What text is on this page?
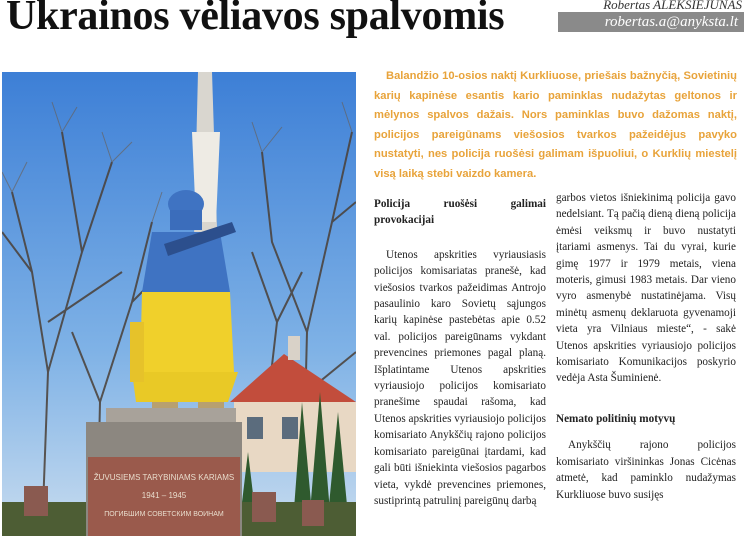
Ukrainos vėliavos spalvomis	Robertas ALEKSIEJŪNAS
robertas.a@anyksta.lt
ŽUVUSIEMS TARYBINIAMS KARIAMS
1941 – 1945
ПОГИБШИМ СОВЕТСКИМ ВОИНАМ

Balandžio 10-osios naktį Kurkliuose, priešais bažnyčią, Sovietinių karių kapinėse esantis kario paminklas nudažytas geltonos ir mėlynos spalvos dažais. Nors paminklas buvo dažomas naktį, policijos pareigūnams viešosios tvarkos pažeidėjus pavyko nustatyti, nes policija ruošėsi galimam išpuoliui, o Kurklių miestelį visą laiką stebi vaizdo kamera.

Policija ruošėsi galimai provokacijai

Utenos apskrities vyriausiasis policijos komisariatas pranešė, kad viešosios tvarkos pažeidimas Antrojo pasaulinio karo Sovietų sąjungos karių kapinėse pastebėtas apie 0.52 val. policijos pareigūnams vykdant prevencines priemones pagal planą. Išplatintame Utenos apskrities vyriausiojo policijos komisariato pranešime spaudai rašoma, kad Utenos apskrities vyriausiojo policijos komisariato Anykščių rajono policijos komisariato pareigūnai įtardami, kad gali būti išniekinta viešosios pagarbos vieta, vykdė prevencines priemones, sustiprintą patrulinį pareigūnų darbą

garbos vietos išniekinimą policija gavo nedelsiant. Tą pačią dieną dieną policija ėmėsi veiksmų ir buvo nustatyti įtariami asmenys. Tai du vyrai, kurie gimę 1977 ir 1979 metais, viena moteris, gimusi 1983 metais. Dar vieno vyro asmenybė nustatinėjama. Visų minėtų asmenų deklaruota gyvenamoji vieta yra Vilniaus mieste“, - sakė Utenos apskrities vyriausiojo policijos komisariato Komunikacijos poskyrio vedėja Asta Šuminienė.

Nemato politinių motyvų

Anykščių rajono policijos komisariato viršininkas Jonas Cicėnas atmetė, kad paminklo nudažymas Kurkliuose buvo susijęs
